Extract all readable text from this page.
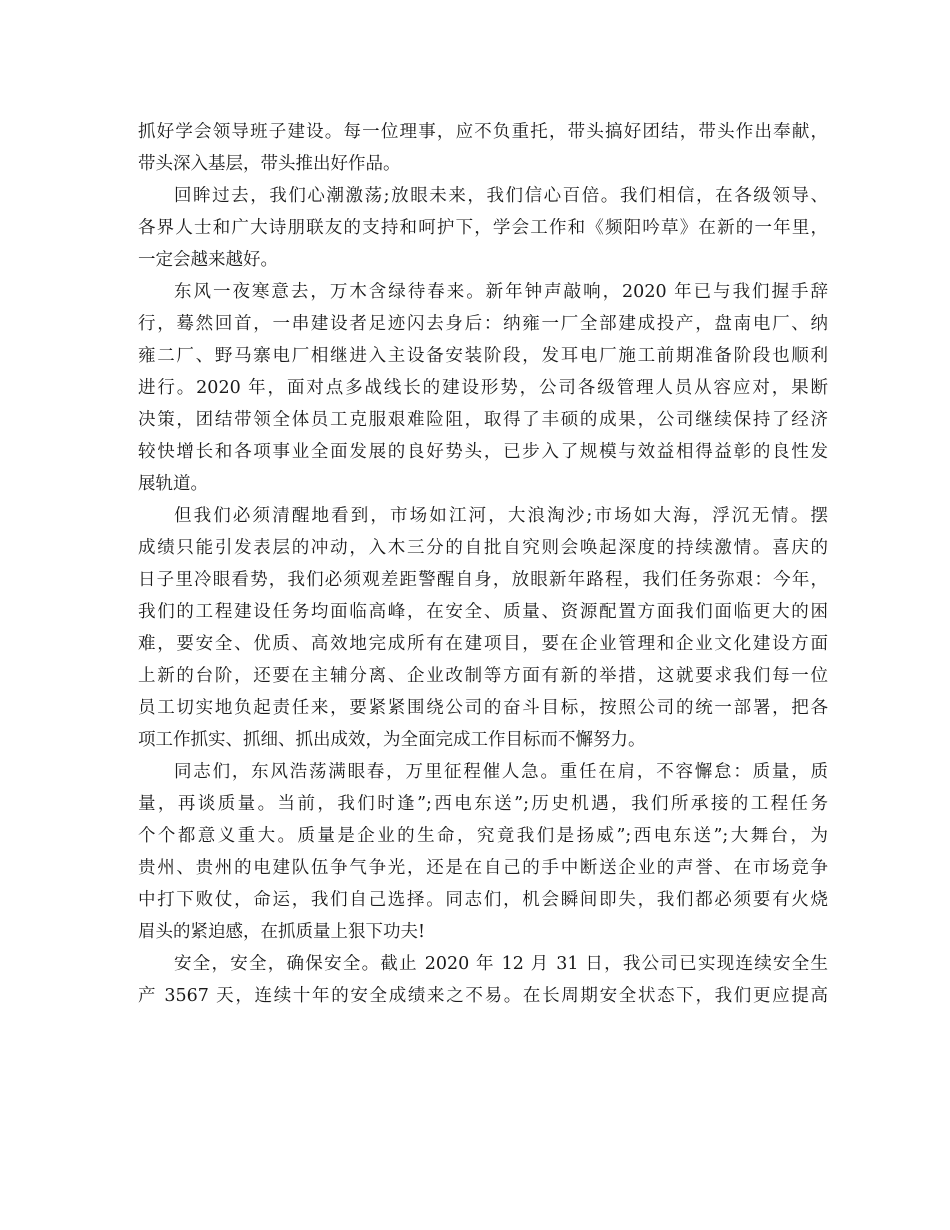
抓好学会领导班子建设。每一位理事，应不负重托，带头搞好团结，带头作出奉献，
带头深入基层，带头推出好作品。
回眸过去，我们心潮激荡;放眼未来，我们信心百倍。我们相信，在各级领导、
各界人士和广大诗朋联友的支持和呵护下，学会工作和《频阳吟草》在新的一年里，
一定会越来越好。
东风一夜寒意去，万木含绿待春来。新年钟声敲响，2020 年已与我们握手辞
行，蓦然回首，一串建设者足迹闪去身后：纳雍一厂全部建成投产，盘南电厂、纳
雍二厂、野马寨电厂相继进入主设备安装阶段，发耳电厂施工前期准备阶段也顺利
进行。2020 年，面对点多战线长的建设形势，公司各级管理人员从容应对，果断
决策，团结带领全体员工克服艰难险阻，取得了丰硕的成果，公司继续保持了经济
较快增长和各项事业全面发展的良好势头，已步入了规模与效益相得益彰的良性发
展轨道。
但我们必须清醒地看到，市场如江河，大浪淘沙;市场如大海，浮沉无情。摆
成绩只能引发表层的冲动，入木三分的自批自究则会唤起深度的持续激情。喜庆的
日子里冷眼看势，我们必须观差距警醒自身，放眼新年路程，我们任务弥艰：今年，
我们的工程建设任务均面临高峰，在安全、质量、资源配置方面我们面临更大的困
难，要安全、优质、高效地完成所有在建项目，要在企业管理和企业文化建设方面
上新的台阶，还要在主辅分离、企业改制等方面有新的举措，这就要求我们每一位
员工切实地负起责任来，要紧紧围绕公司的奋斗目标，按照公司的统一部署，把各
项工作抓实、抓细、抓出成效，为全面完成工作目标而不懈努力。
同志们，东风浩荡满眼春，万里征程催人急。重任在肩，不容懈怠：质量，质
量，再谈质量。当前，我们时逢”;西电东送”;历史机遇，我们所承接的工程任务
个个都意义重大。质量是企业的生命，究竟我们是扬威”;西电东送”;大舞台，为
贵州、贵州的电建队伍争气争光，还是在自己的手中断送企业的声誉、在市场竞争
中打下败仗，命运，我们自己选择。同志们，机会瞬间即失，我们都必须要有火烧
眉头的紧迫感，在抓质量上狠下功夫!
安全，安全，确保安全。截止 2020 年 12 月 31 日，我公司已实现连续安全生
产 3567 天，连续十年的安全成绩来之不易。在长周期安全状态下，我们更应提高
